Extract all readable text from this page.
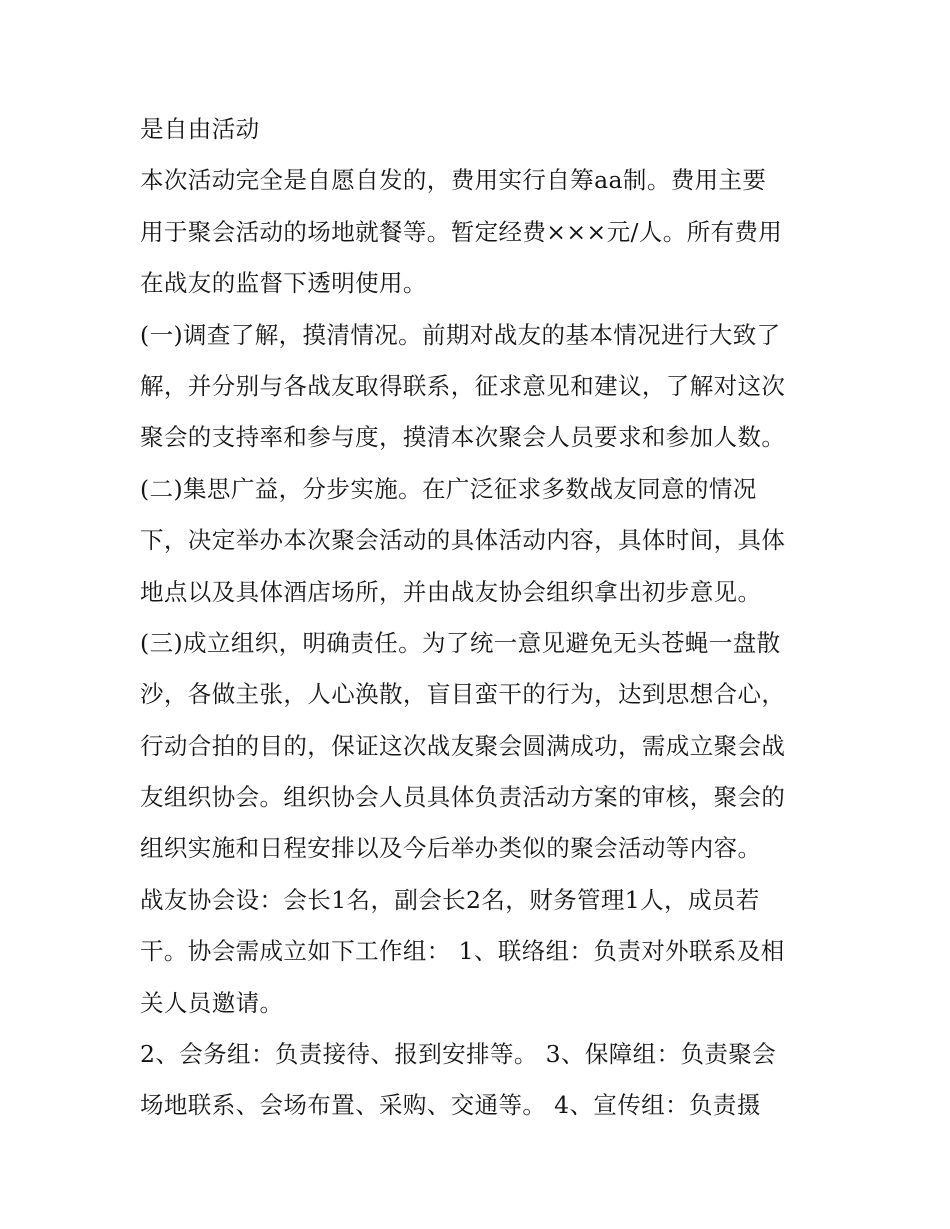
是自由活动
本次活动完全是自愿自发的，费用实行自筹aa制。费用主要
用于聚会活动的场地就餐等。暂定经费×××元/人。所有费用
在战友的监督下透明使用。
(一)调查了解，摸清情况。前期对战友的基本情况进行大致了
解，并分别与各战友取得联系，征求意见和建议，了解对这次
聚会的支持率和参与度，摸清本次聚会人员要求和参加人数。
(二)集思广益，分步实施。在广泛征求多数战友同意的情况
下，决定举办本次聚会活动的具体活动内容，具体时间，具体
地点以及具体酒店场所，并由战友协会组织拿出初步意见。
(三)成立组织，明确责任。为了统一意见避免无头苍蝇一盘散
沙，各做主张，人心涣散，盲目蛮干的行为，达到思想合心，
行动合拍的目的，保证这次战友聚会圆满成功，需成立聚会战
友组织协会。组织协会人员具体负责活动方案的审核，聚会的
组织实施和日程安排以及今后举办类似的聚会活动等内容。
战友协会设：会长1名，副会长2名，财务管理1人，成员若
干。协会需成立如下工作组： 1、联络组：负责对外联系及相
关人员邀请。
2、会务组：负责接待、报到安排等。 3、保障组：负责聚会
场地联系、会场布置、采购、交通等。 4、宣传组：负责摄
